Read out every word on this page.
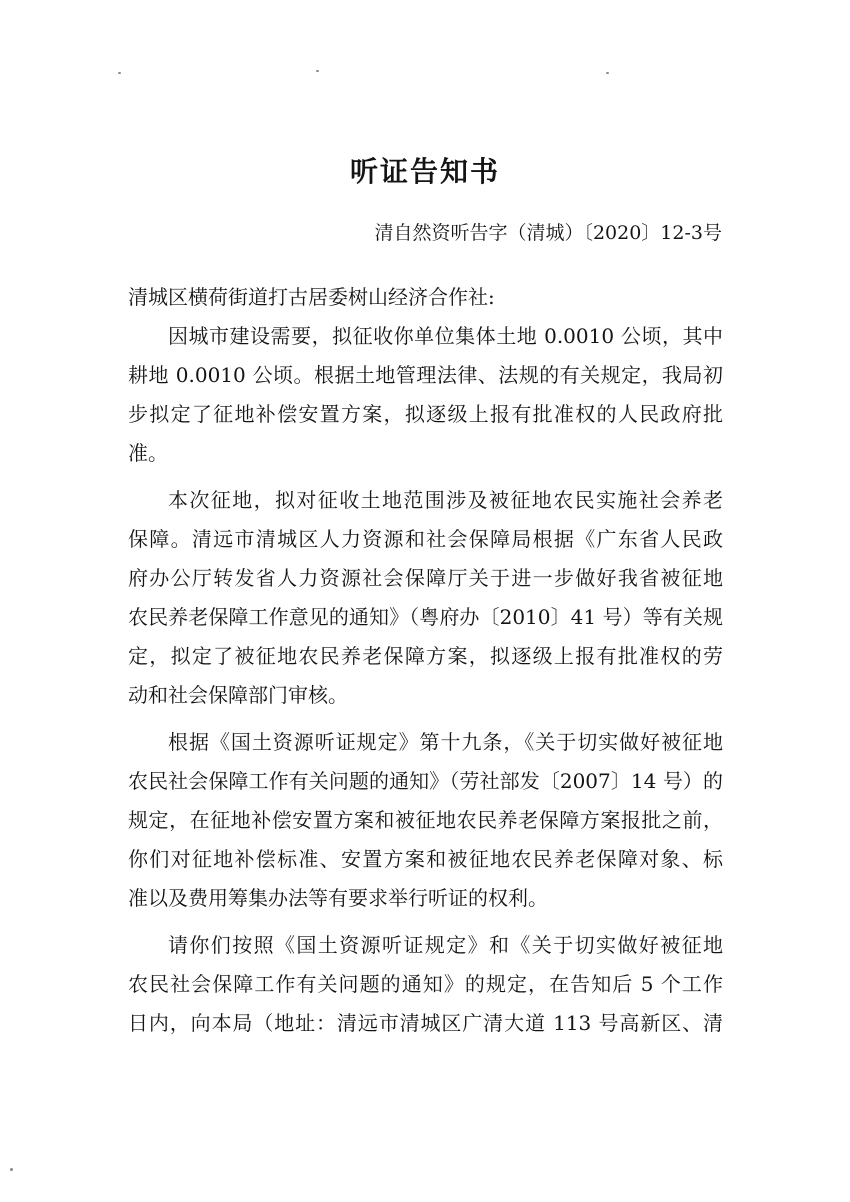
听证告知书
清自然资听告字（清城）〔2020〕12-3号
清城区横荷街道打古居委树山经济合作社:
因城市建设需要，拟征收你单位集体土地 0.0010 公顷，其中
耕地 0.0010 公顷。根据土地管理法律、法规的有关规定，我局初
步拟定了征地补偿安置方案，拟逐级上报有批准权的人民政府批
准。
本次征地，拟对征收土地范围涉及被征地农民实施社会养老
保障。清远市清城区人力资源和社会保障局根据《广东省人民政
府办公厅转发省人力资源社会保障厅关于进一步做好我省被征地
农民养老保障工作意见的通知》（粤府办〔2010〕41 号）等有关规
定，拟定了被征地农民养老保障方案，拟逐级上报有批准权的劳
动和社会保障部门审核。
根据《国土资源听证规定》第十九条，《关于切实做好被征地
农民社会保障工作有关问题的通知》（劳社部发〔2007〕14 号）的
规定，在征地补偿安置方案和被征地农民养老保障方案报批之前，
你们对征地补偿标准、安置方案和被征地农民养老保障对象、标
准以及费用筹集办法等有要求举行听证的权利。
请你们按照《国土资源听证规定》和《关于切实做好被征地
农民社会保障工作有关问题的通知》的规定，在告知后 5 个工作
日内，向本局（地址：清远市清城区广清大道 113 号高新区、清
